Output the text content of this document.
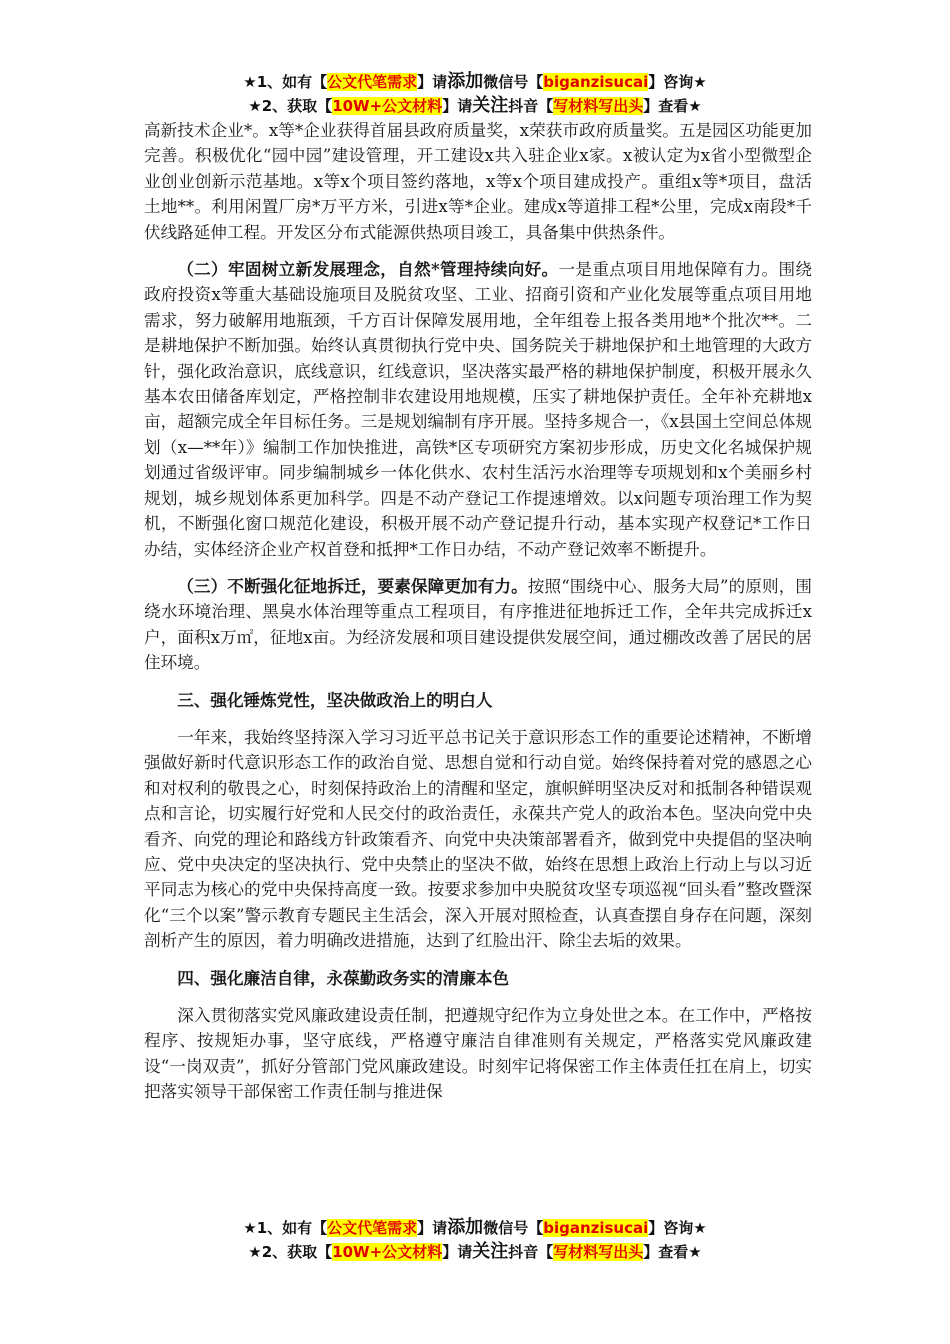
★1、如有【公文代笔需求】请添加微信号【biganzisucai】咨询★
★2、获取【10W+公文材料】请关注抖音【写材料写出头】查看★

高新技术企业*。x等*企业获得首届县政府质量奖，x荣获市政府质量奖。五是园区功能更加完善。积极优化“园中园”建设管理，开工建设x共入驻企业x家。x被认定为x省小型微型企业创业创新示范基地。x等x个项目签约落地，x等x个项目建成投产。重组x等*项目，盘活土地**。利用闲置厂房*万平方米，引进x等*企业。建成x等道排工程*公里，完成x南段*千伏线路延伸工程。开发区分布式能源供热项目竣工，具备集中供热条件。

（二）牢固树立新发展理念，自然*管理持续向好。一是重点项目用地保障有力。围绕政府投资x等重大基础设施项目及脱贫攻坚、工业、招商引资和产业化发展等重点项目用地需求，努力破解用地瓶颈，千方百计保障发展用地，全年组卷上报各类用地*个批次**。二是耕地保护不断加强。始终认真贯彻执行党中央、国务院关于耕地保护和土地管理的大政方针，强化政治意识，底线意识，红线意识，坚决落实最严格的耕地保护制度，积极开展永久基本农田储备库划定，严格控制非农建设用地规模，压实了耕地保护责任。全年补充耕地x亩，超额完成全年目标任务。三是规划编制有序开展。坚持多规合一，《x县国土空间总体规划（x—**年）》编制工作加快推进，高铁*区专项研究方案初步形成，历史文化名城保护规划通过省级评审。同步编制城乡一体化供水、农村生活污水治理等专项规划和x个美丽乡村规划，城乡规划体系更加科学。四是不动产登记工作提速增效。以x问题专项治理工作为契机，不断强化窗口规范化建设，积极开展不动产登记提升行动，基本实现产权登记*工作日办结，实体经济企业产权首登和抵押*工作日办结，不动产登记效率不断提升。

（三）不断强化征地拆迁，要素保障更加有力。按照“围绕中心、服务大局”的原则，围绕水环境治理、黑臭水体治理等重点工程项目，有序推进征地拆迁工作，全年共完成拆迁x户，面积x万㎡，征地x亩。为经济发展和项目建设提供发展空间，通过棚改改善了居民的居住环境。

三、强化锤炼党性，坚决做政治上的明白人

一年来，我始终坚持深入学习习近平总书记关于意识形态工作的重要论述精神，不断增强做好新时代意识形态工作的政治自觉、思想自觉和行动自觉。始终保持着对党的感恩之心和对权利的敬畏之心，时刻保持政治上的清醒和坚定，旗帜鲜明坚决反对和抵制各种错误观点和言论，切实履行好党和人民交付的政治责任，永葆共产党人的政治本色。坚决向党中央看齐、向党的理论和路线方针政策看齐、向党中央决策部署看齐，做到党中央提倡的坚决响应、党中央决定的坚决执行、党中央禁止的坚决不做，始终在思想上政治上行动上与以习近平同志为核心的党中央保持高度一致。按要求参加中央脱贫攻坚专项巡视“回头看”整改暨深化“三个以案”警示教育专题民主生活会，深入开展对照检查，认真查摆自身存在问题，深刻剖析产生的原因，着力明确改进措施，达到了红脸出汗、除尘去垢的效果。

四、强化廉洁自律，永葆勤政务实的清廉本色

深入贯彻落实党风廉政建设责任制，把遵规守纪作为立身处世之本。在工作中，严格按程序、按规矩办事，坚守底线，严格遵守廉洁自律准则有关规定，严格落实党风廉政建设“一岗双责”，抓好分管部门党风廉政建设。时刻牢记将保密工作主体责任扛在肩上，切实把落实领导干部保密工作责任制与推进保

★1、如有【公文代笔需求】请添加微信号【biganzisucai】咨询★
★2、获取【10W+公文材料】请关注抖音【写材料写出头】查看★
